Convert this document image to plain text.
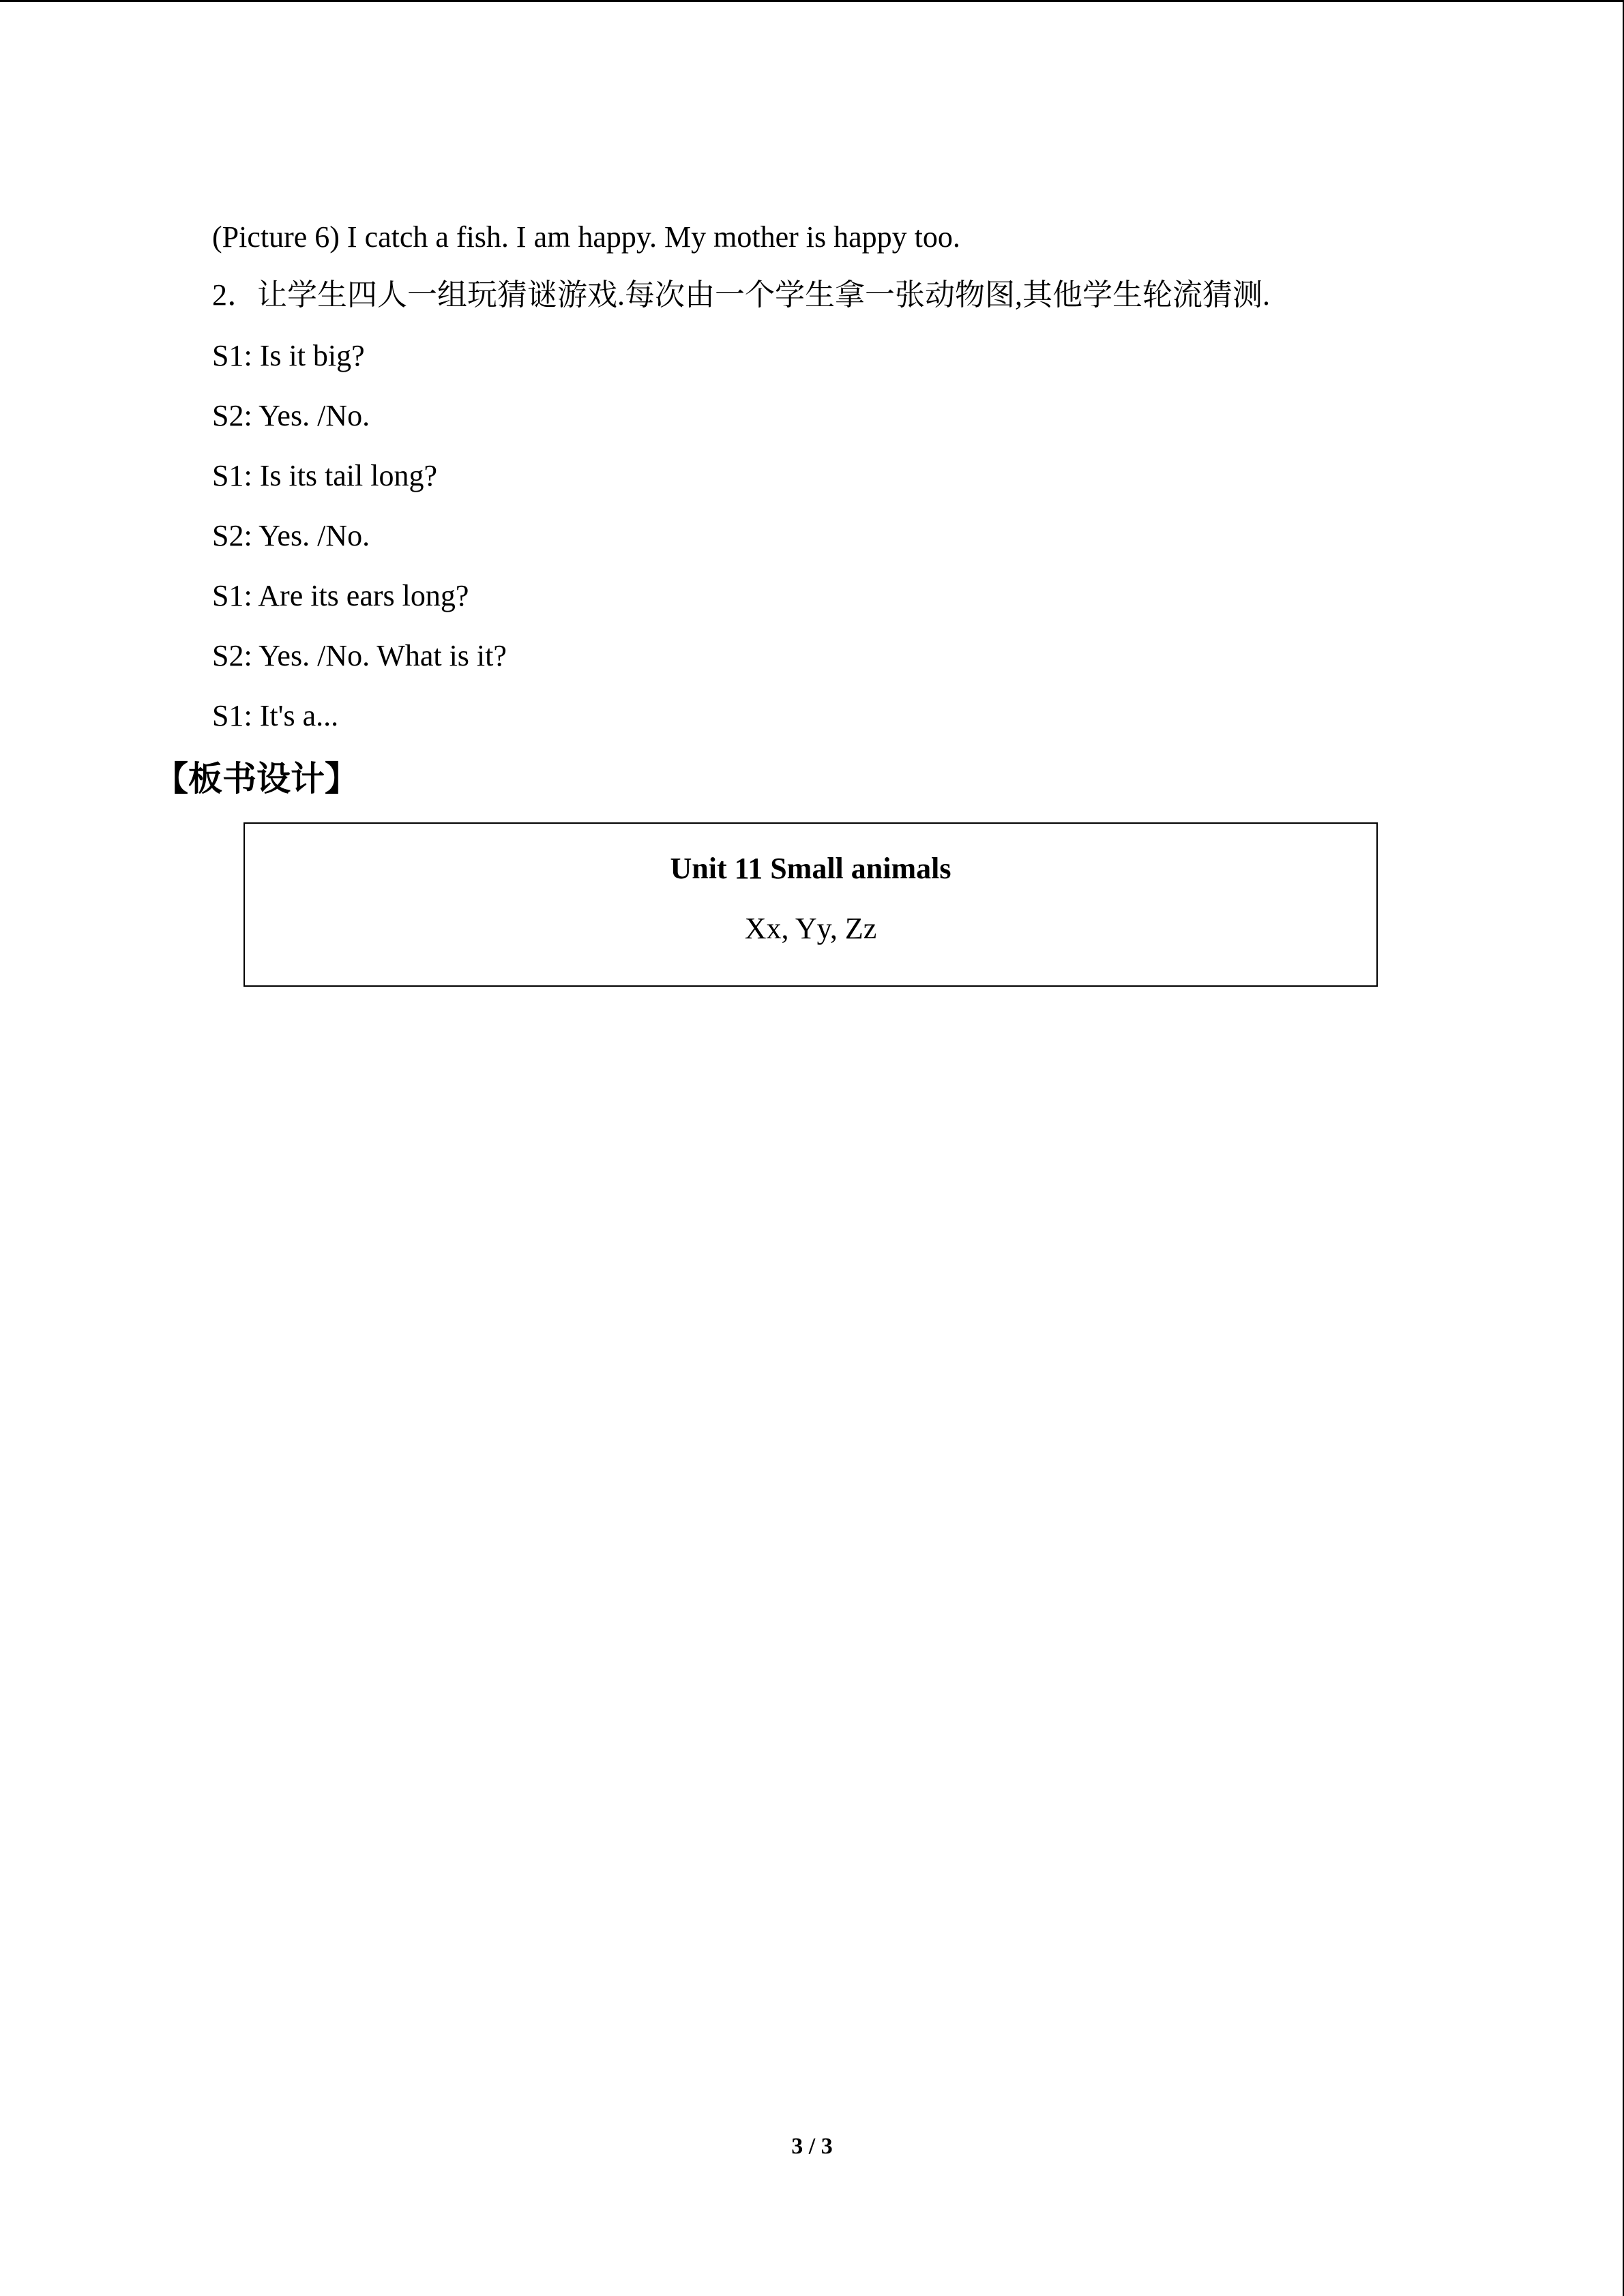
(Picture 6) I catch a fish. I am happy. My mother is happy too.
2．让学生四人一组玩猜谜游戏.每次由一个学生拿一张动物图,其他学生轮流猜测.
S1: Is it big?
S2: Yes. /No.
S1: Is its tail long?
S2: Yes. /No.
S1: Are its ears long?
S2: Yes. /No. What is it?
S1: It's a...
【板书设计】
Unit 11 Small animals
Xx, Yy, Zz
3 / 3
